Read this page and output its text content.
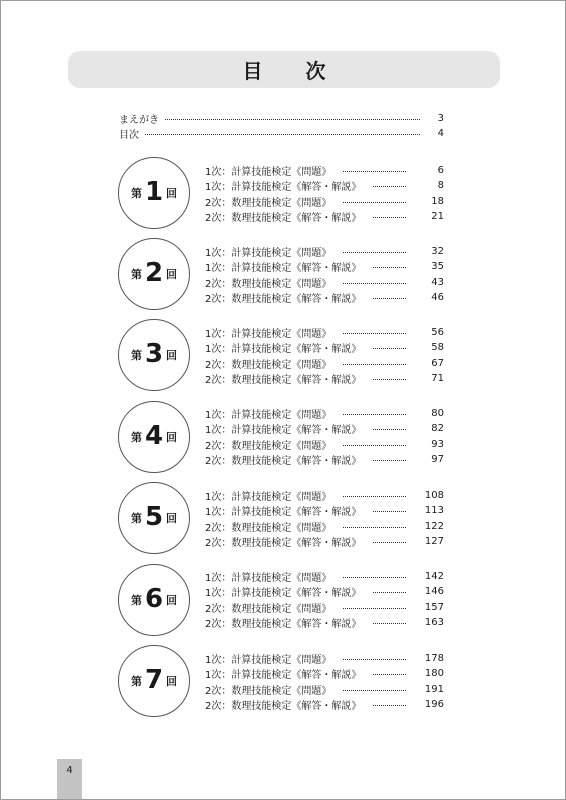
目 次
まえがき	3
目次	4
第 1 回
1次：計算技能検定《問題》	6
1次：計算技能検定《解答・解説》	8
2次：数理技能検定《問題》	18
2次：数理技能検定《解答・解説》	21
第 2 回
1次：計算技能検定《問題》	32
1次：計算技能検定《解答・解説》	35
2次：数理技能検定《問題》	43
2次：数理技能検定《解答・解説》	46
第 3 回
1次：計算技能検定《問題》	56
1次：計算技能検定《解答・解説》	58
2次：数理技能検定《問題》	67
2次：数理技能検定《解答・解説》	71
第 4 回
1次：計算技能検定《問題》	80
1次：計算技能検定《解答・解説》	82
2次：数理技能検定《問題》	93
2次：数理技能検定《解答・解説》	97
第 5 回
1次：計算技能検定《問題》	108
1次：計算技能検定《解答・解説》	113
2次：数理技能検定《問題》	122
2次：数理技能検定《解答・解説》	127
第 6 回
1次：計算技能検定《問題》	142
1次：計算技能検定《解答・解説》	146
2次：数理技能検定《問題》	157
2次：数理技能検定《解答・解説》	163
第 7 回
1次：計算技能検定《問題》	178
1次：計算技能検定《解答・解説》	180
2次：数理技能検定《問題》	191
2次：数理技能検定《解答・解説》	196
4
